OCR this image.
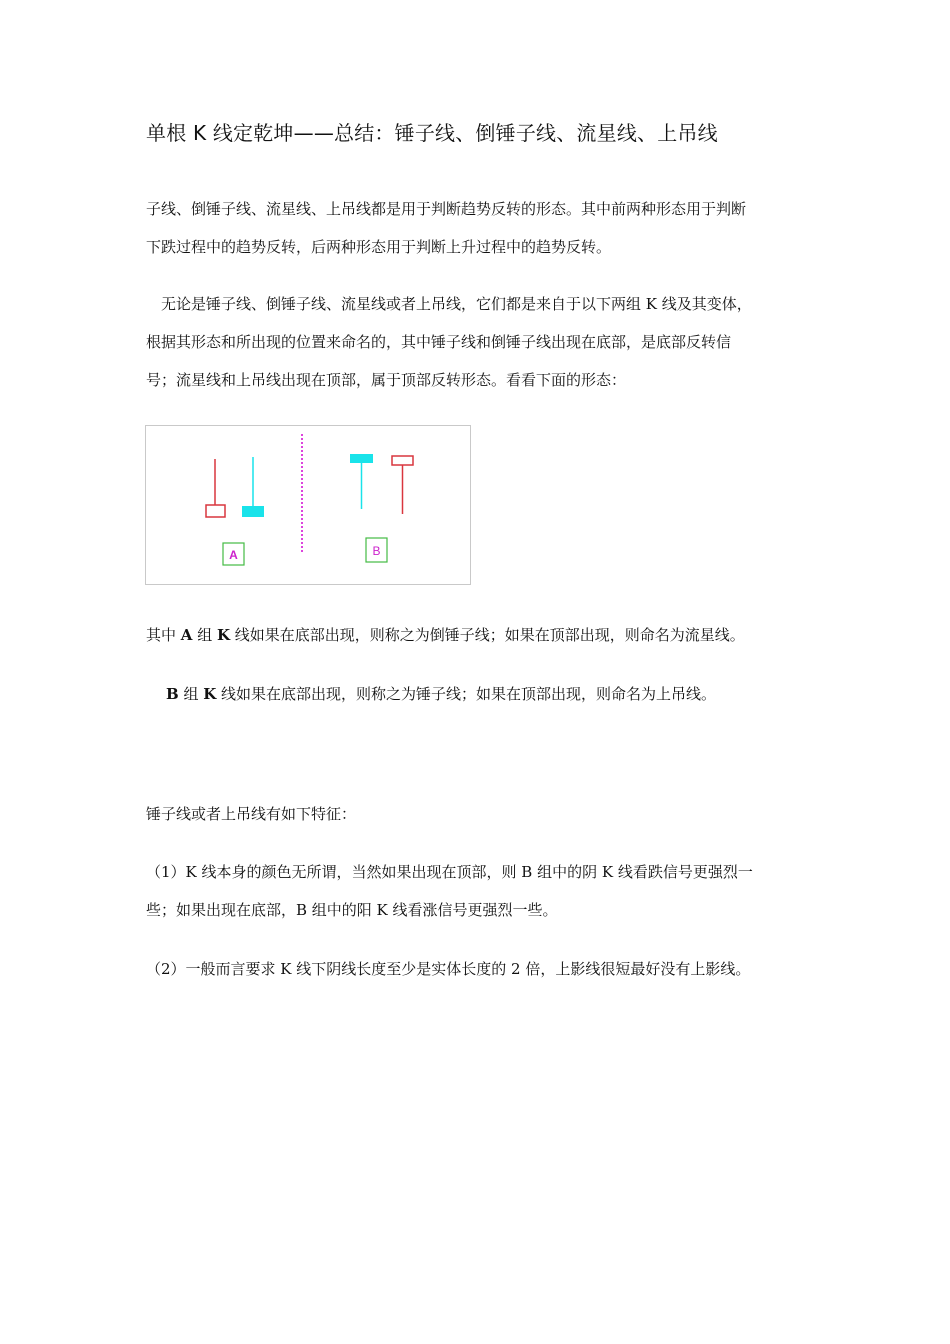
单根 K 线定乾坤——总结：锤子线、倒锤子线、流星线、上吊线
子线、倒锤子线、流星线、上吊线都是用于判断趋势反转的形态。其中前两种形态用于判断
下跌过程中的趋势反转，后两种形态用于判断上升过程中的趋势反转。
无论是锤子线、倒锤子线、流星线或者上吊线，它们都是来自于以下两组 K 线及其变体，
根据其形态和所出现的位置来命名的，其中锤子线和倒锤子线出现在底部，是底部反转信
号；流星线和上吊线出现在顶部，属于顶部反转形态。看看下面的形态：
A	B
其中 A 组 K 线如果在底部出现，则称之为倒锤子线；如果在顶部出现，则命名为流星线。
B 组 K 线如果在底部出现，则称之为锤子线；如果在顶部出现，则命名为上吊线。
锤子线或者上吊线有如下特征：
（1）K 线本身的颜色无所谓，当然如果出现在顶部，则 B 组中的阴 K 线看跌信号更强烈一
些；如果出现在底部，B 组中的阳 K 线看涨信号更强烈一些。
（2）一般而言要求 K 线下阴线长度至少是实体长度的 2 倍，上影线很短最好没有上影线。
